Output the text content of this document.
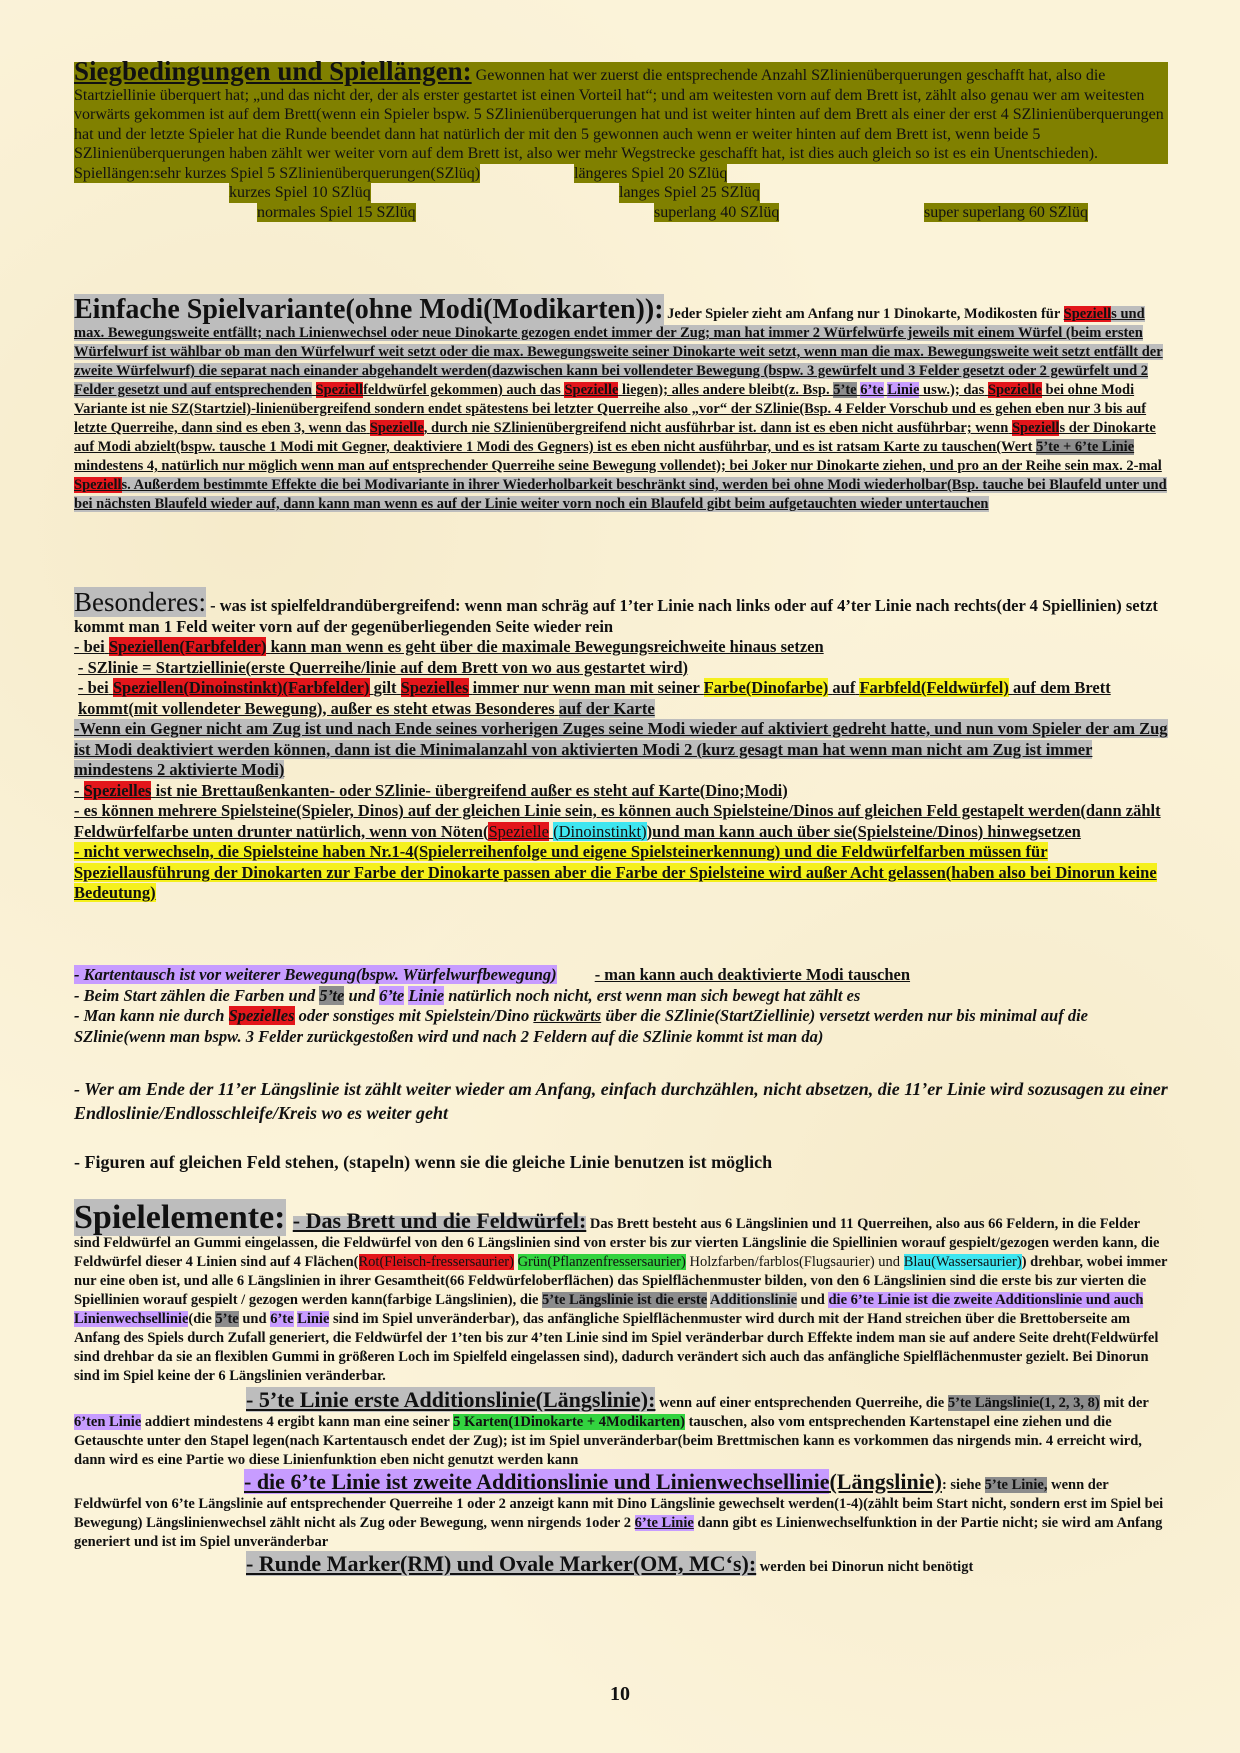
Siegbedingungen und Spiellängen: Gewonnen hat wer zuerst die entsprechende Anzahl SZlinienüberquerungen geschafft hat, also die Startziellinie überquert hat; „und das nicht der, der als erster gestartet ist einen Vorteil hat“; und am weitesten vorn auf dem Brett ist, zählt also genau wer am weitesten vorwärts gekommen ist auf dem Brett(wenn ein Spieler bspw. 5 SZlinienüberquerungen hat und ist weiter hinten auf dem Brett als einer der erst 4 SZlinienüberquerungen hat und der letzte Spieler hat die Runde beendet dann hat natürlich der mit den 5 gewonnen auch wenn er weiter hinten auf dem Brett ist, wenn beide 5 SZlinienüberquerungen haben zählt wer weiter vorn auf dem Brett ist, also wer mehr Wegstrecke geschafft hat, ist dies auch gleich so ist es ein Unentschieden).

Spiellängen:sehr kurzes Spiel 5 SZlinienüberquerungen(SZlüq)	längeres Spiel 20 SZlüq
kurzes Spiel 10 SZlüq	langes Spiel 25 SZlüq
normales Spiel 15 SZlüq	superlang 40 SZlüq	super superlang 60 SZlüq

Einfache Spielvariante(ohne Modi(Modikarten)): Jeder Spieler zieht am Anfang nur 1 Dinokarte, Modikosten für Speziells und max. Bewegungsweite entfällt; nach Linienwechsel oder neue Dinokarte gezogen endet immer der Zug; man hat immer 2 Würfelwürfe jeweils mit einem Würfel (beim ersten Würfelwurf ist wählbar ob man den Würfelwurf weit setzt oder die max. Bewegungsweite seiner Dinokarte weit setzt, wenn man die max. Bewegungsweite weit setzt entfällt der zweite Würfelwurf) die separat nach einander abgehandelt werden(dazwischen kann bei vollendeter Bewegung (bspw. 3 gewürfelt und 3 Felder gesetzt oder 2 gewürfelt und 2 Felder gesetzt und auf entsprechenden Speziellfeldwürfel gekommen) auch das Spezielle liegen); alles andere bleibt(z. Bsp. 5’te 6’te Linie usw.); das Spezielle bei ohne Modi Variante ist nie SZ(Startziel)-linienübergreifend sondern endet spätestens bei letzter Querreihe also „vor“ der SZlinie(Bsp. 4 Felder Vorschub und es gehen eben nur 3 bis auf letzte Querreihe, dann sind es eben 3, wenn das Spezielle, durch nie SZlinienübergreifend nicht ausführbar ist. dann ist es eben nicht ausführbar; wenn Speziells der Dinokarte auf Modi abzielt(bspw. tausche 1 Modi mit Gegner, deaktiviere 1 Modi des Gegners) ist es eben nicht ausführbar, und es ist ratsam Karte zu tauschen(Wert 5’te + 6’te Linie mindestens 4, natürlich nur möglich wenn man auf entsprechender Querreihe seine Bewegung vollendet); bei Joker nur Dinokarte ziehen, und pro an der Reihe sein max. 2-mal Speziells. Außerdem bestimmte Effekte die bei Modivariante in ihrer Wiederholbarkeit beschränkt sind, werden bei ohne Modi wiederholbar(Bsp. tauche bei Blaufeld unter und bei nächsten Blaufeld wieder auf, dann kann man wenn es auf der Linie weiter vorn noch ein Blaufeld gibt beim aufgetauchten wieder untertauchen

Besonderes: - was ist spielfeldrandübergreifend: wenn man schräg auf 1’ter Linie nach links oder auf 4’ter Linie nach rechts(der 4 Spiellinien) setzt kommt man 1 Feld weiter vorn auf der gegenüberliegenden Seite wieder rein

- bei Speziellen(Farbfelder) kann man wenn es geht über die maximale Bewegungsreichweite hinaus setzen

- SZlinie = Startziellinie(erste Querreihe/linie auf dem Brett von wo aus gestartet wird)

- bei Speziellen(Dinoinstinkt)(Farbfelder) gilt Spezielles immer nur wenn man mit seiner Farbe(Dinofarbe) auf Farbfeld(Feldwürfel) auf dem Brett kommt(mit vollendeter Bewegung), außer es steht etwas Besonderes auf der Karte

-Wenn ein Gegner nicht am Zug ist und nach Ende seines vorherigen Zuges seine Modi wieder auf aktiviert gedreht hatte, und nun vom Spieler der am Zug ist Modi deaktiviert werden können, dann ist die Minimalanzahl von aktivierten Modi 2 (kurz gesagt man hat wenn man nicht am Zug ist immer mindestens 2 aktivierte Modi)

- Spezielles ist nie Brettaußenkanten- oder SZlinie- übergreifend außer es steht auf Karte(Dino;Modi)

- es können mehrere Spielsteine(Spieler, Dinos) auf der gleichen Linie sein, es können auch Spielsteine/Dinos auf gleichen Feld gestapelt werden(dann zählt Feldwürfelfarbe unten drunter natürlich, wenn von Nöten(Spezielle (Dinoinstinkt))und man kann auch über sie(Spielsteine/Dinos) hinwegsetzen

- nicht verwechseln, die Spielsteine haben Nr.1-4(Spielerreihenfolge und eigene Spielsteinerkennung) und die Feldwürfelfarben müssen für Speziellausführung der Dinokarten zur Farbe der Dinokarte passen aber die Farbe der Spielsteine wird außer Acht gelassen(haben also bei Dinorun keine Bedeutung)

- Kartentausch ist vor weiterer Bewegung(bspw. Würfelwurfbewegung) - man kann auch deaktivierte Modi tauschen

- Beim Start zählen die Farben und 5’te und 6’te Linie natürlich noch nicht, erst wenn man sich bewegt hat zählt es

- Man kann nie durch Spezielles oder sonstiges mit Spielstein/Dino rückwärts über die SZlinie(StartZiellinie) versetzt werden nur bis minimal auf die SZlinie(wenn man bspw. 3 Felder zurückgestoßen wird und nach 2 Feldern auf die SZlinie kommt ist man da)

- Wer am Ende der 11’er Längslinie ist zählt weiter wieder am Anfang, einfach durchzählen, nicht absetzen, die 11’er Linie wird sozusagen zu einer Endloslinie/Endlosschleife/Kreis wo es weiter geht

- Figuren auf gleichen Feld stehen, (stapeln) wenn sie die gleiche Linie benutzen ist möglich

Spielelemente: - Das Brett und die Feldwürfel: Das Brett besteht aus 6 Längslinien und 11 Querreihen, also aus 66 Feldern, in die Felder sind Feldwürfel an Gummi eingelassen, die Feldwürfel von den 6 Längslinien sind von erster bis zur vierten Längslinie die Spiellinien worauf gespielt/gezogen werden kann, die Feldwürfel dieser 4 Linien sind auf 4 Flächen(Rot(Fleisch-fressersaurier) Grün(Pflanzenfressersaurier) Holzfarben/farblos(Flugsaurier) und Blau(Wassersaurier)) drehbar, wobei immer nur eine oben ist, und alle 6 Längslinien in ihrer Gesamtheit(66 Feldwürfeloberflächen) das Spielflächenmuster bilden, von den 6 Längslinien sind die erste bis zur vierten die Spiellinien worauf gespielt / gezogen werden kann(farbige Längslinien), die 5’te Längslinie ist die erste Additionslinie und die 6’te Linie ist die zweite Additionslinie und auch Linienwechsellinie(die 5’te und 6’te Linie sind im Spiel unveränderbar), das anfängliche Spielflächenmuster wird durch mit der Hand streichen über die Brettoberseite am Anfang des Spiels durch Zufall generiert, die Feldwürfel der 1’ten bis zur 4’ten Linie sind im Spiel veränderbar durch Effekte indem man sie auf andere Seite dreht(Feldwürfel sind drehbar da sie an flexiblen Gummi in größeren Loch im Spielfeld eingelassen sind), dadurch verändert sich auch das anfängliche Spielflächenmuster gezielt. Bei Dinorun sind im Spiel keine der 6 Längslinien veränderbar.

- 5’te Linie erste Additionslinie(Längslinie): wenn auf einer entsprechenden Querreihe, die 5’te Längslinie(1, 2, 3, 8) mit der 6’ten Linie addiert mindestens 4 ergibt kann man eine seiner 5 Karten(1Dinokarte + 4Modikarten) tauschen, also vom entsprechenden Kartenstapel eine ziehen und die Getauschte unter den Stapel legen(nach Kartentausch endet der Zug); ist im Spiel unveränderbar(beim Brettmischen kann es vorkommen das nirgends min. 4 erreicht wird, dann wird es eine Partie wo diese Linienfunktion eben nicht genutzt werden kann

- die 6’te Linie ist zweite Additionslinie und Linienwechsellinie(Längslinie): siehe 5’te Linie, wenn der Feldwürfel von 6’te Längslinie auf entsprechender Querreihe 1 oder 2 anzeigt kann mit Dino Längslinie gewechselt werden(1-4)(zählt beim Start nicht, sondern erst im Spiel bei Bewegung) Längslinienwechsel zählt nicht als Zug oder Bewegung, wenn nirgends 1oder 2 6’te Linie dann gibt es Linienwechselfunktion in der Partie nicht; sie wird am Anfang generiert und ist im Spiel unveränderbar

- Runde Marker(RM) und Ovale Marker(OM, MC‘s): werden bei Dinorun nicht benötigt

10
